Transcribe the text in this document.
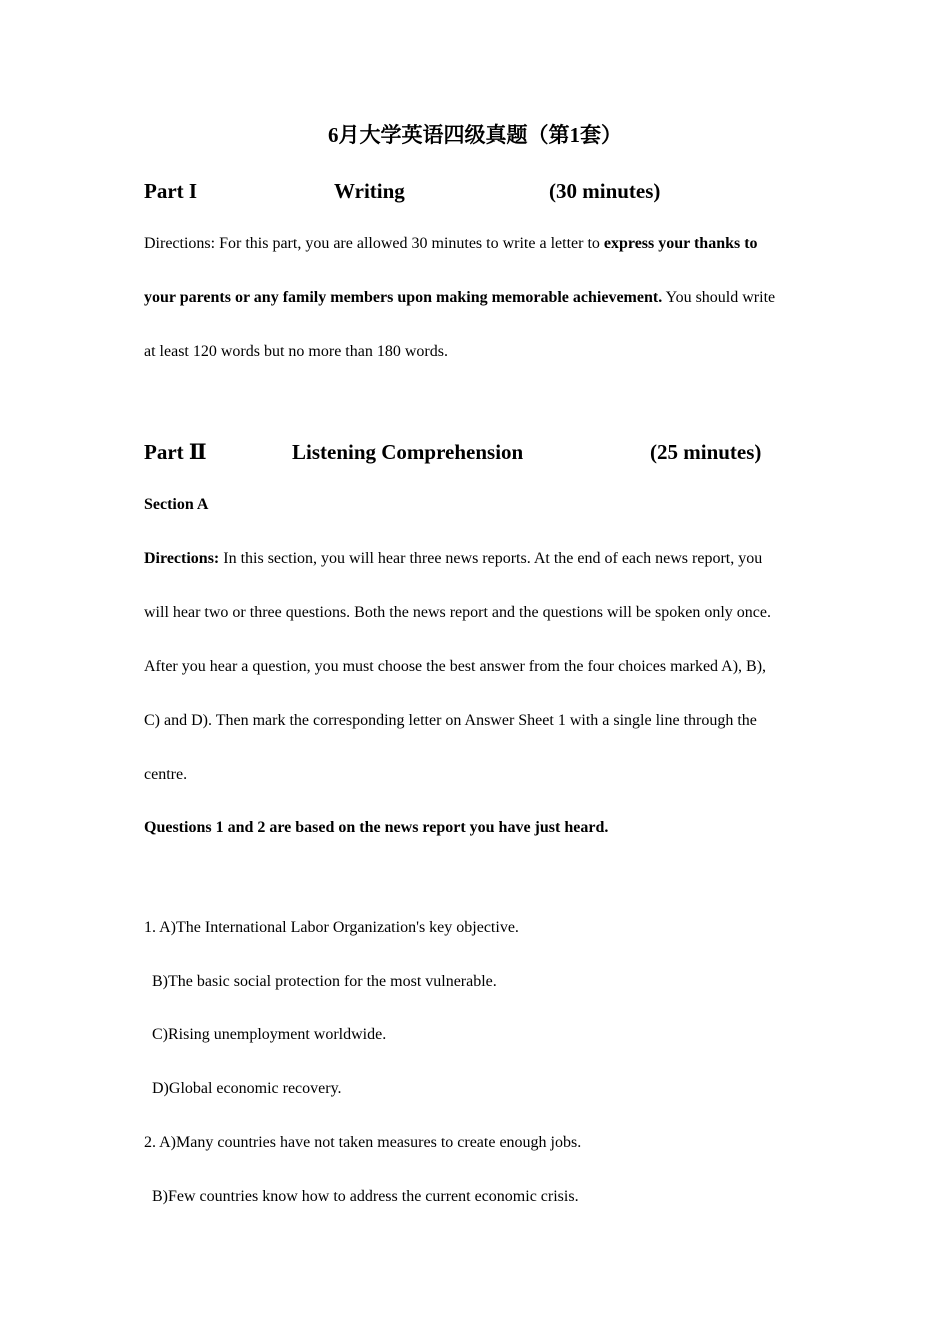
6月大学英语四级真题（第1套）
Part I	Writing	(30 minutes)
Directions: For this part, you are allowed 30 minutes to write a letter to express your thanks to
your parents or any family members upon making memorable achievement. You should write
at least 120 words but no more than 180 words.
Part Ⅱ	Listening Comprehension	(25 minutes)
Section A
Directions: In this section, you will hear three news reports. At the end of each news report, you
will hear two or three questions. Both the news report and the questions will be spoken only once.
After you hear a question, you must choose the best answer from the four choices marked A), B),
C) and D). Then mark the corresponding letter on Answer Sheet 1 with a single line through the
centre.
Questions 1 and 2 are based on the news report you have just heard.
1. A)The International Labor Organization's key objective.
B)The basic social protection for the most vulnerable.
C)Rising unemployment worldwide.
D)Global economic recovery.
2. A)Many countries have not taken measures to create enough jobs.
B)Few countries know how to address the current economic crisis.
